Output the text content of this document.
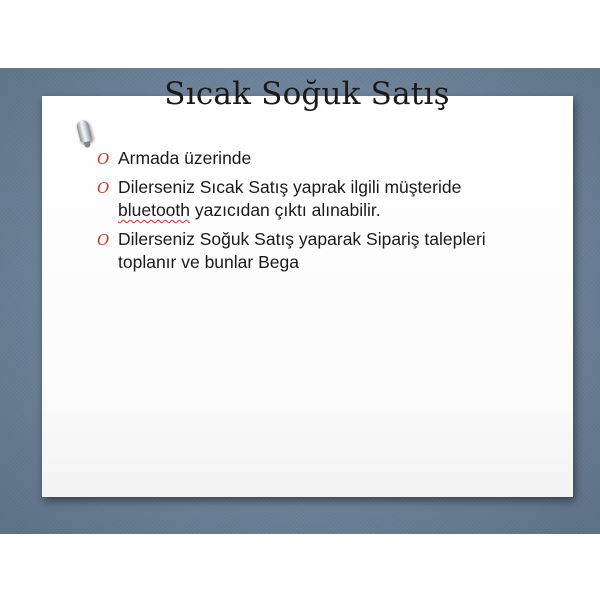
Sıcak Soğuk Satış
O Armada üzerinde
O Dilerseniz Sıcak Satış yaprak ilgili müşteride bluetooth yazıcıdan çıktı alınabilir.
O Dilerseniz Soğuk Satış yaparak Sipariş talepleri toplanır ve bunlar Bega
